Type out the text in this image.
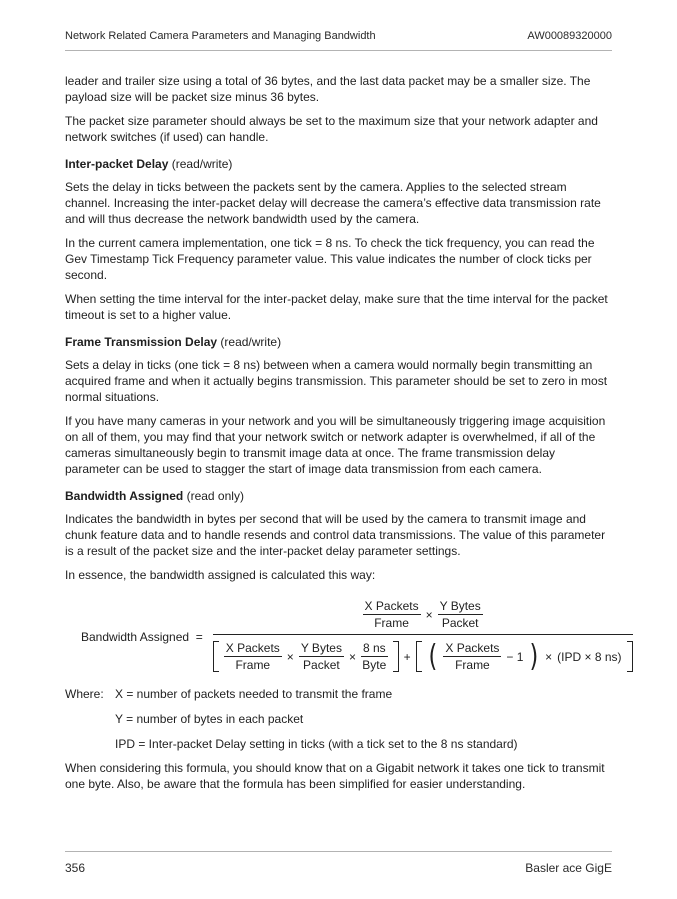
Network Related Camera Parameters and Managing Bandwidth	AW00089320000

leader and trailer size using a total of 36 bytes, and the last data packet may be a smaller size. The payload size will be packet size minus 36 bytes.

The packet size parameter should always be set to the maximum size that your network adapter and network switches (if used) can handle.

Inter-packet Delay (read/write)

Sets the delay in ticks between the packets sent by the camera. Applies to the selected stream channel. Increasing the inter-packet delay will decrease the camera’s effective data transmission rate and will thus decrease the network bandwidth used by the camera.

In the current camera implementation, one tick = 8 ns. To check the tick frequency, you can read the Gev Timestamp Tick Frequency parameter value. This value indicates the number of clock ticks per second.

When setting the time interval for the inter-packet delay, make sure that the time interval for the packet timeout is set to a higher value.

Frame Transmission Delay (read/write)

Sets a delay in ticks (one tick = 8 ns) between when a camera would normally begin transmitting an acquired frame and when it actually begins transmission. This parameter should be set to zero in most normal situations.

If you have many cameras in your network and you will be simultaneously triggering image acquisition on all of them, you may find that your network switch or network adapter is overwhelmed, if all of the cameras simultaneously begin to transmit image data at once. The frame transmission delay parameter can be used to stagger the start of image data transmission from each camera.

Bandwidth Assigned (read only)

Indicates the bandwidth in bytes per second that will be used by the camera to transmit image and chunk feature data and to handle resends and control data transmissions. The value of this parameter is a result of the packet size and the inter-packet delay parameter settings.

In essence, the bandwidth assigned is calculated this way:

Bandwidth Assigned =
$\frac{\text{X Packets}}{\text{Frame}} \times \frac{\text{Y Bytes}}{\text{Packet}}$
$\frac{\text{X Packets}}{\text{Frame}} \times \frac{\text{Y Bytes}}{\text{Packet}} \times \frac{8 ns}{\text{Byte}}$ + ( $\frac{\text{X Packets}}{\text{Frame}} - 1$ ) × (IPD × 8 ns)
Where: X = number of packets needed to transmit the frame

Y = number of bytes in each packet

IPD = Inter-packet Delay setting in ticks (with a tick set to the 8 ns standard)

When considering this formula, you should know that on a Gigabit network it takes one tick to transmit one byte. Also, be aware that the formula has been simplified for easier understanding.

356	Basler ace GigE
